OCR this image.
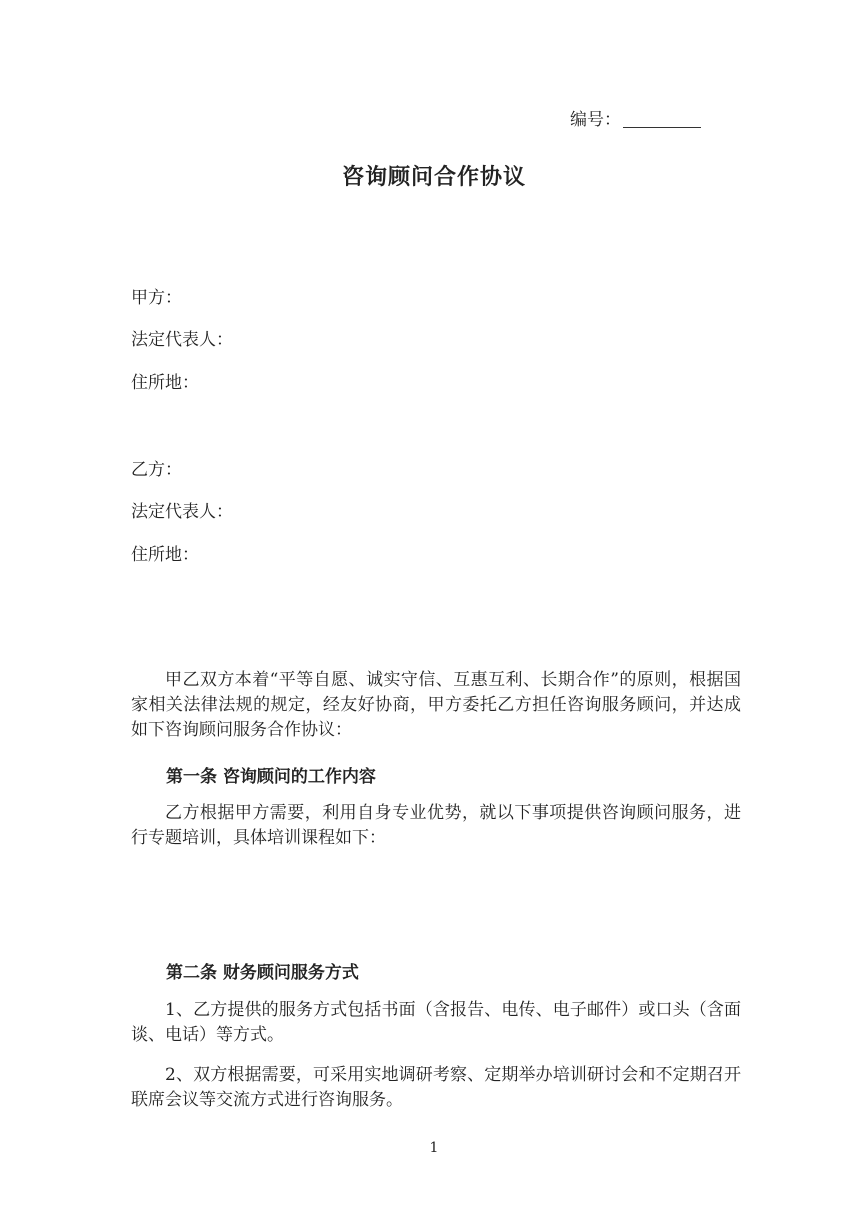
编号：
咨询顾问合作协议
甲方：
法定代表人：
住所地：
乙方：
法定代表人：
住所地：
甲乙双方本着“平等自愿、诚实守信、互惠互利、长期合作”的原则，根据国家相关法律法规的规定，经友好协商，甲方委托乙方担任咨询服务顾问，并达成如下咨询顾问服务合作协议：
第一条 咨询顾问的工作内容
乙方根据甲方需要，利用自身专业优势，就以下事项提供咨询顾问服务，进行专题培训，具体培训课程如下：
第二条 财务顾问服务方式
1、乙方提供的服务方式包括书面（含报告、电传、电子邮件）或口头（含面谈、电话）等方式。
2、双方根据需要，可采用实地调研考察、定期举办培训研讨会和不定期召开联席会议等交流方式进行咨询服务。
1
